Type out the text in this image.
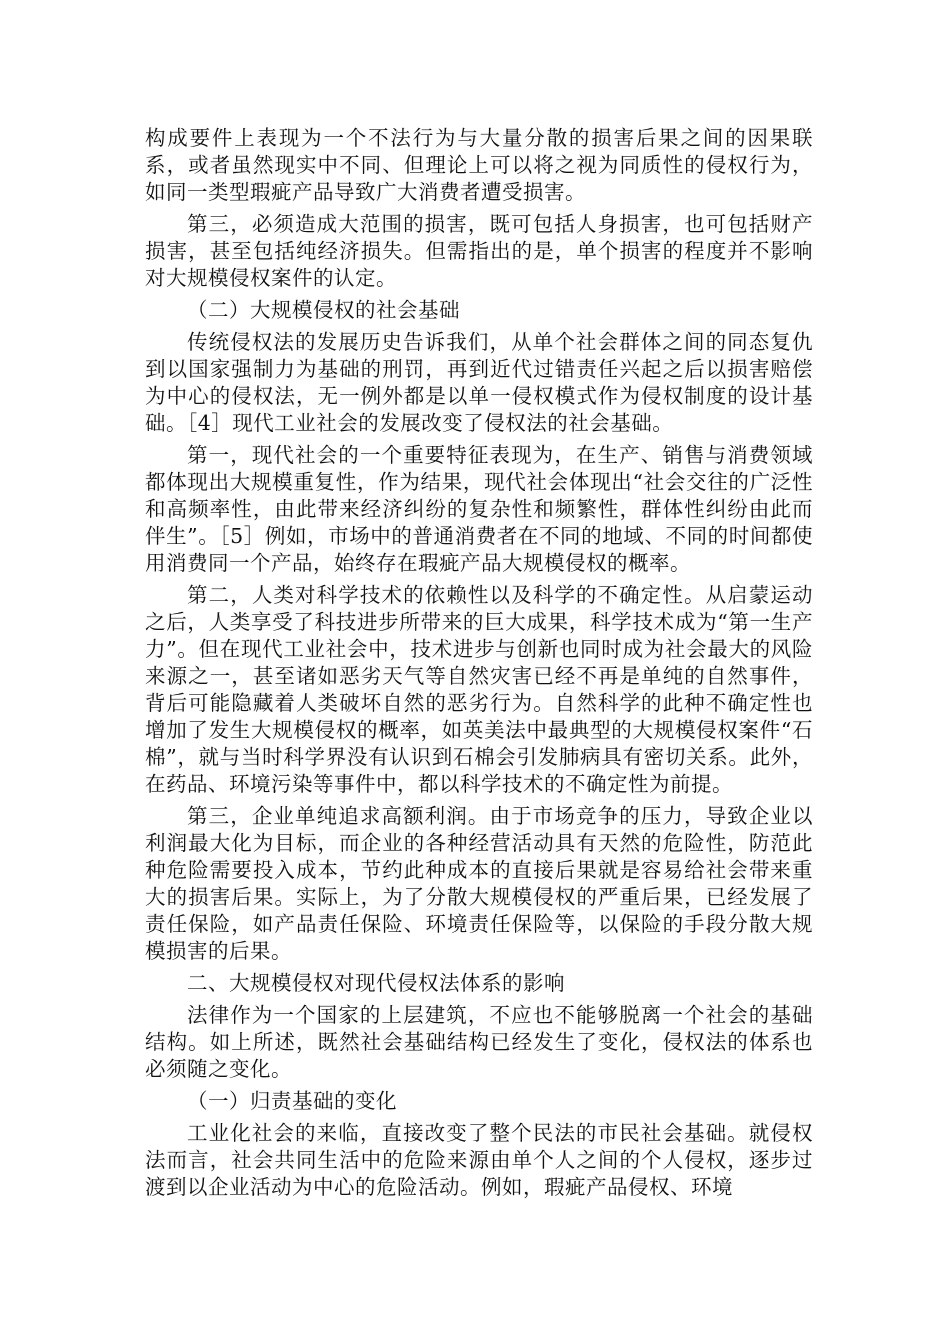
构成要件上表现为一个不法行为与大量分散的损害后果之间的因果联系，或者虽然现实中不同、但理论上可以将之视为同质性的侵权行为，如同一类型瑕疵产品导致广大消费者遭受损害。

第三，必须造成大范围的损害，既可包括人身损害，也可包括财产损害，甚至包括纯经济损失。但需指出的是，单个损害的程度并不影响对大规模侵权案件的认定。

（二）大规模侵权的社会基础

传统侵权法的发展历史告诉我们，从单个社会群体之间的同态复仇到以国家强制力为基础的刑罚，再到近代过错责任兴起之后以损害赔偿为中心的侵权法，无一例外都是以单一侵权模式作为侵权制度的设计基础。［4］现代工业社会的发展改变了侵权法的社会基础。

第一，现代社会的一个重要特征表现为，在生产、销售与消费领域都体现出大规模重复性，作为结果，现代社会体现出“社会交往的广泛性和高频率性，由此带来经济纠纷的复杂性和频繁性，群体性纠纷由此而伴生”。［5］例如，市场中的普通消费者在不同的地域、不同的时间都使用消费同一个产品，始终存在瑕疵产品大规模侵权的概率。

第二，人类对科学技术的依赖性以及科学的不确定性。从启蒙运动之后，人类享受了科技进步所带来的巨大成果，科学技术成为“第一生产力”。但在现代工业社会中，技术进步与创新也同时成为社会最大的风险来源之一，甚至诸如恶劣天气等自然灾害已经不再是单纯的自然事件，背后可能隐藏着人类破坏自然的恶劣行为。自然科学的此种不确定性也增加了发生大规模侵权的概率，如英美法中最典型的大规模侵权案件“石棉”，就与当时科学界没有认识到石棉会引发肺病具有密切关系。此外，在药品、环境污染等事件中，都以科学技术的不确定性为前提。

第三，企业单纯追求高额利润。由于市场竞争的压力，导致企业以利润最大化为目标，而企业的各种经营活动具有天然的危险性，防范此种危险需要投入成本，节约此种成本的直接后果就是容易给社会带来重大的损害后果。实际上，为了分散大规模侵权的严重后果，已经发展了责任保险，如产品责任保险、环境责任保险等，以保险的手段分散大规模损害的后果。

二、大规模侵权对现代侵权法体系的影响

法律作为一个国家的上层建筑，不应也不能够脱离一个社会的基础结构。如上所述，既然社会基础结构已经发生了变化，侵权法的体系也必须随之变化。

（一）归责基础的变化

工业化社会的来临，直接改变了整个民法的市民社会基础。就侵权法而言，社会共同生活中的危险来源由单个人之间的个人侵权，逐步过渡到以企业活动为中心的危险活动。例如，瑕疵产品侵权、环境
